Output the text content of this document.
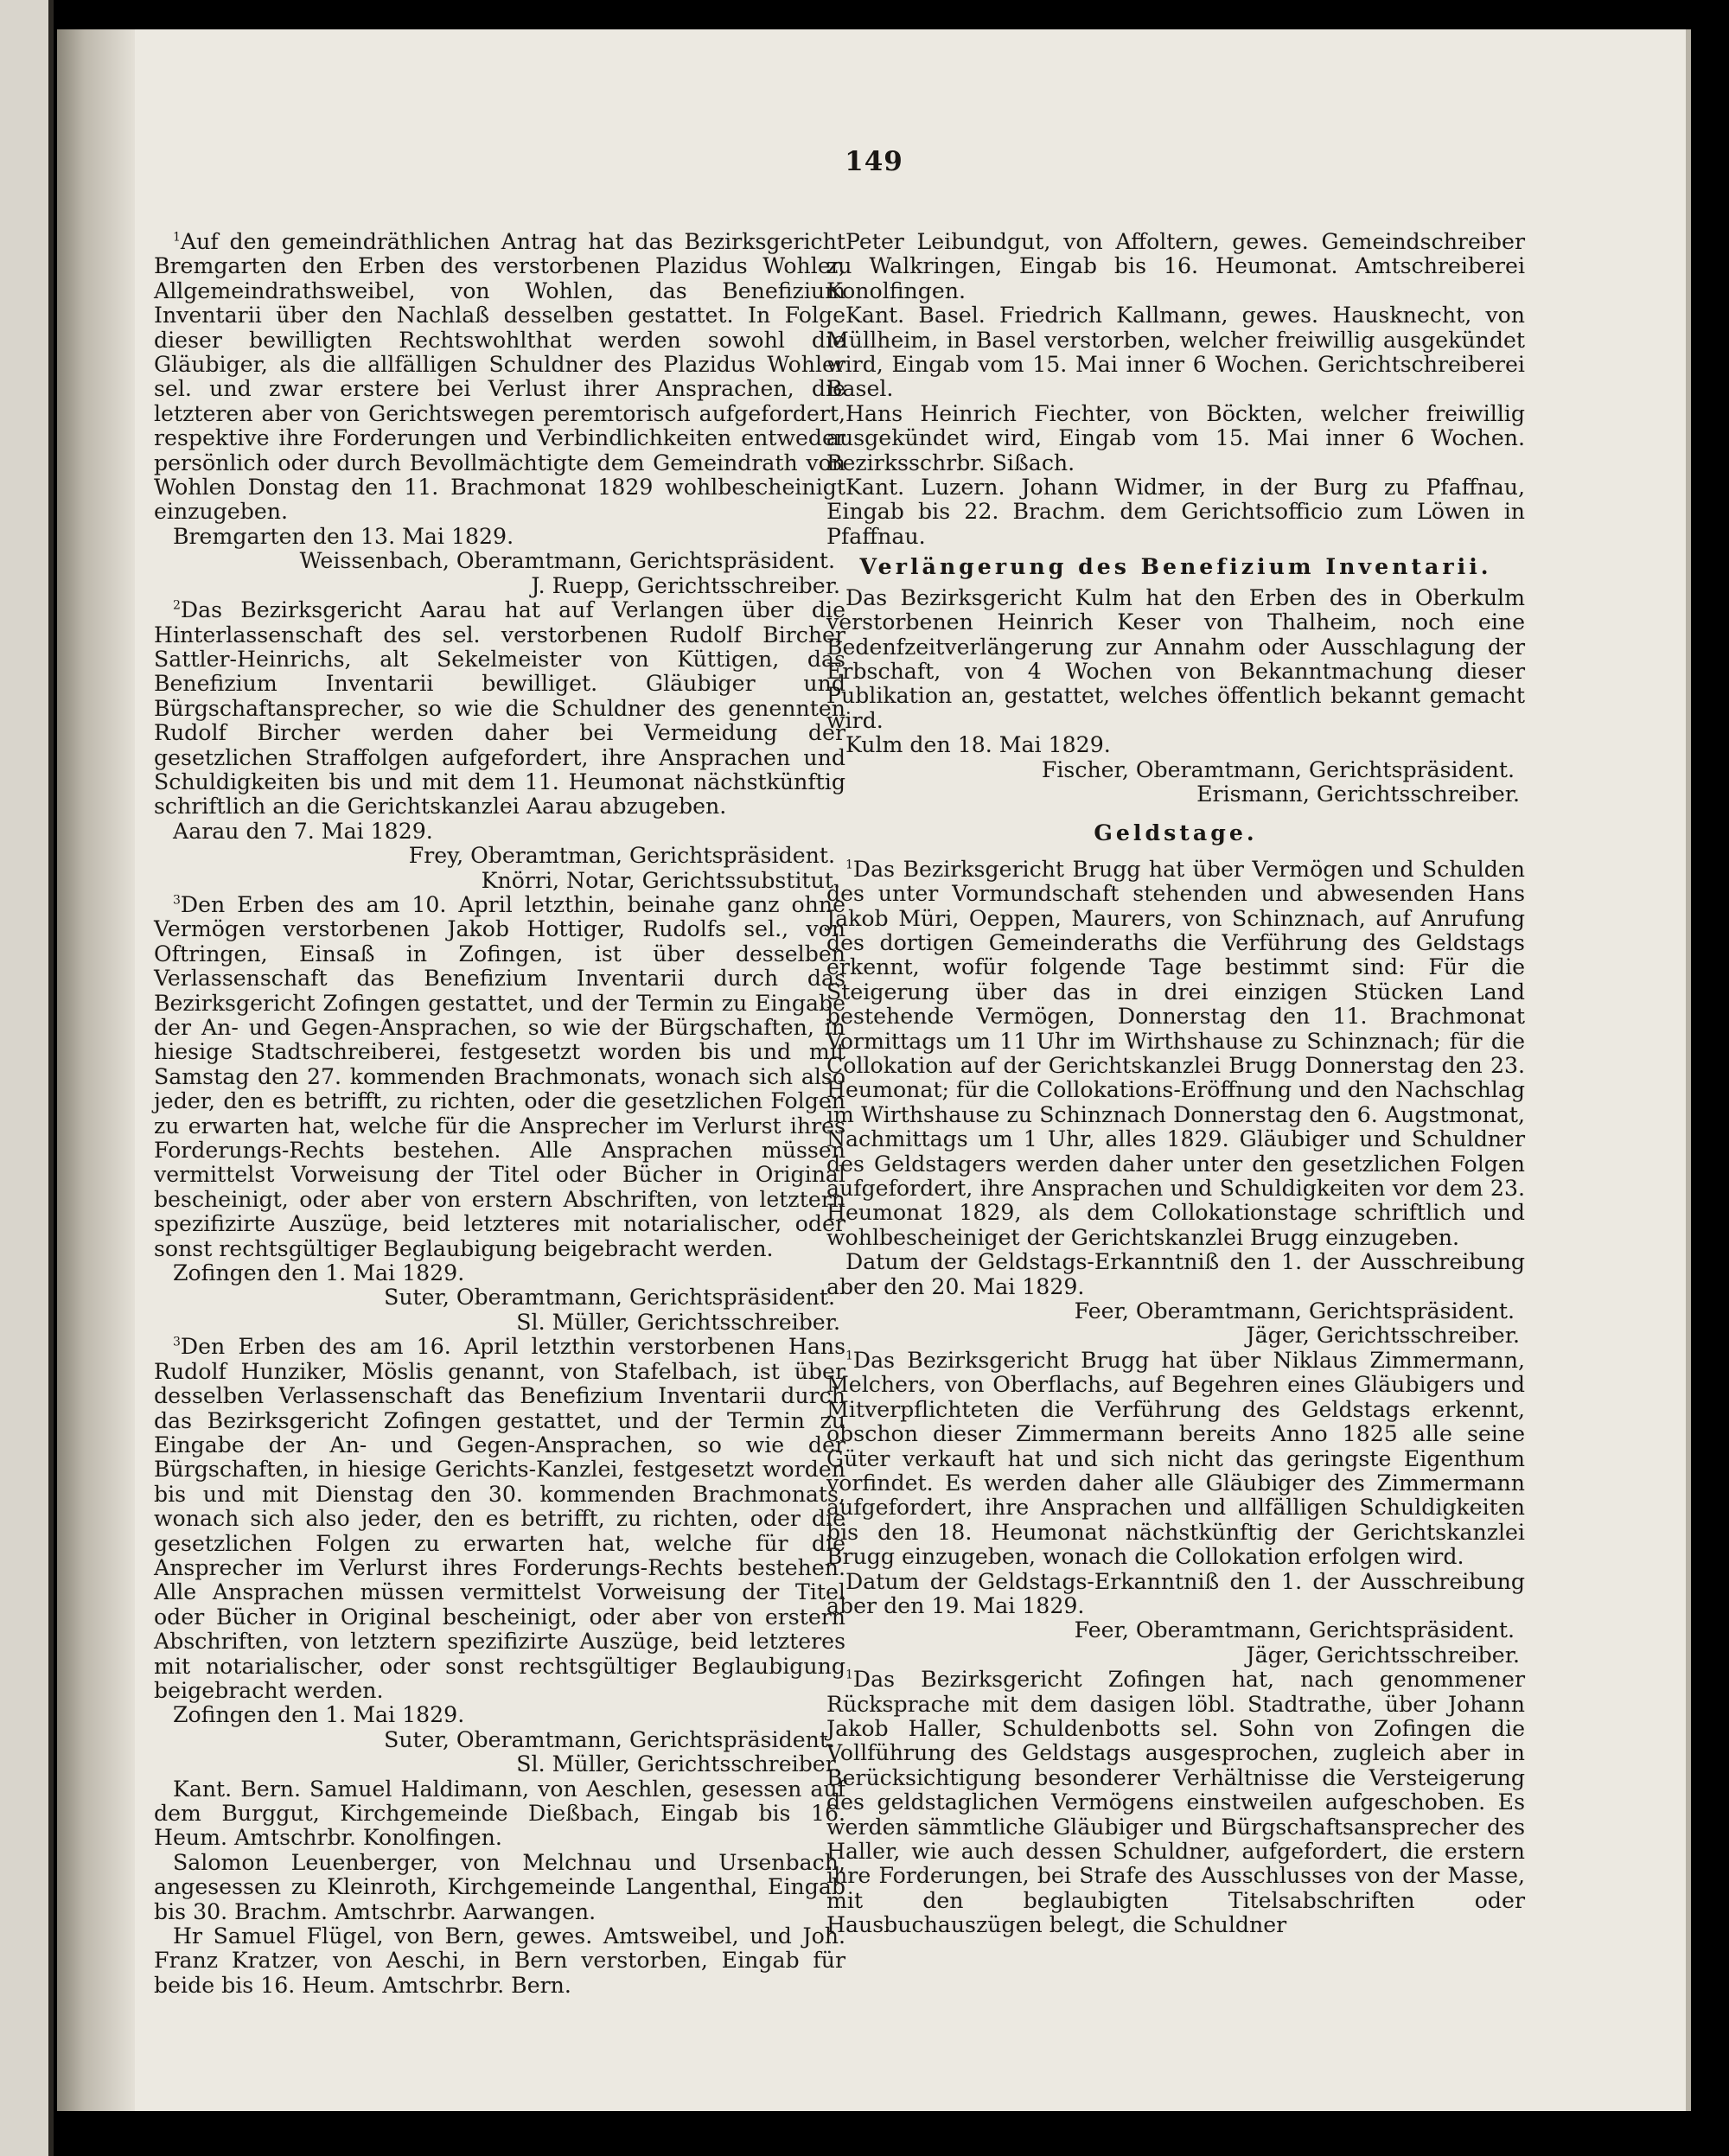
149

$^1$Auf den gemeindräthlichen Antrag hat das Bezirksgericht Bremgarten den Erben des verstorbenen Plazidus Wohler, Allgemeindrathsweibel, von Wohlen, das Benefizium Inventarii über den Nachlaß desselben gestattet. In Folge dieser bewilligten Rechtswohlthat werden sowohl die Gläubiger, als die allfälligen Schuldner des Plazidus Wohler sel. und zwar erstere bei Verlust ihrer Ansprachen, die letzteren aber von Gerichtswegen peremtorisch aufgefordert, respektive ihre Forderungen und Verbindlichkeiten entweder persönlich oder durch Bevollmächtigte dem Gemeindrath von Wohlen Donstag den 11. Brachmonat 1829 wohlbescheinigt einzugeben.

Bremgarten den 13. Mai 1829.

Weissenbach, Oberamtmann, Gerichtspräsident.

J. Ruepp, Gerichtsschreiber.

$^2$Das Bezirksgericht Aarau hat auf Verlangen über die Hinterlassenschaft des sel. verstorbenen Rudolf Bircher Sattler-Heinrichs, alt Sekelmeister von Küttigen, das Benefizium Inventarii bewilliget. Gläubiger und Bürgschaftansprecher, so wie die Schuldner des genennten Rudolf Bircher werden daher bei Vermeidung der gesetzlichen Straffolgen aufgefordert, ihre Ansprachen und Schuldigkeiten bis und mit dem 11. Heumonat nächstkünftig schriftlich an die Gerichtskanzlei Aarau abzugeben.

Aarau den 7. Mai 1829.

Frey, Oberamtman, Gerichtspräsident.

Knörri, Notar, Gerichtssubstitut.

$^3$Den Erben des am 10. April letzthin, beinahe ganz ohne Vermögen verstorbenen Jakob Hottiger, Rudolfs sel., von Oftringen, Einsaß in Zofingen, ist über desselben Verlassenschaft das Benefizium Inventarii durch das Bezirksgericht Zofingen gestattet, und der Termin zu Eingabe der An- und Gegen-Ansprachen, so wie der Bürgschaften, in hiesige Stadtschreiberei, festgesetzt worden bis und mit Samstag den 27. kommenden Brachmonats, wonach sich also jeder, den es betrifft, zu richten, oder die gesetzlichen Folgen zu erwarten hat, welche für die Ansprecher im Verlurst ihres Forderungs-Rechts bestehen. Alle Ansprachen müssen vermittelst Vorweisung der Titel oder Bücher in Original bescheinigt, oder aber von erstern Abschriften, von letztern spezifizirte Auszüge, beid letzteres mit notarialischer, oder sonst rechtsgültiger Beglaubigung beigebracht werden.

Zofingen den 1. Mai 1829.

Suter, Oberamtmann, Gerichtspräsident.

Sl. Müller, Gerichtsschreiber.

$^3$Den Erben des am 16. April letzthin verstorbenen Hans Rudolf Hunziker, Möslis genannt, von Stafelbach, ist über desselben Verlassenschaft das Benefizium Inventarii durch das Bezirksgericht Zofingen gestattet, und der Termin zu Eingabe der An- und Gegen-Ansprachen, so wie der Bürgschaften, in hiesige Gerichts-Kanzlei, festgesetzt worden bis und mit Dienstag den 30. kommenden Brachmonats, wonach sich also jeder, den es betrifft, zu richten, oder die gesetzlichen Folgen zu erwarten hat, welche für die Ansprecher im Verlurst ihres Forderungs-Rechts bestehen. Alle Ansprachen müssen vermittelst Vorweisung der Titel oder Bücher in Original bescheinigt, oder aber von erstern Abschriften, von letztern spezifizirte Auszüge, beid letzteres mit notarialischer, oder sonst rechtsgültiger Beglaubigung beigebracht werden.

Zofingen den 1. Mai 1829.

Suter, Oberamtmann, Gerichtspräsident.

Sl. Müller, Gerichtsschreiber.

Kant. Bern. Samuel Haldimann, von Aeschlen, gesessen auf dem Burggut, Kirchgemeinde Dießbach, Eingab bis 16. Heum. Amtschrbr. Konolfingen.

Salomon Leuenberger, von Melchnau und Ursenbach, angesessen zu Kleinroth, Kirchgemeinde Langenthal, Eingab bis 30. Brachm. Amtschrbr. Aarwangen.

Hr Samuel Flügel, von Bern, gewes. Amtsweibel, und Joh. Franz Kratzer, von Aeschi, in Bern verstorben, Eingab für beide bis 16. Heum. Amtschrbr. Bern.

Peter Leibundgut, von Affoltern, gewes. Gemeindschreiber zu Walkringen, Eingab bis 16. Heumonat. Amtschreiberei Konolfingen.

Kant. Basel. Friedrich Kallmann, gewes. Hausknecht, von Müllheim, in Basel verstorben, welcher freiwillig ausgekündet wird, Eingab vom 15. Mai inner 6 Wochen. Gerichtschreiberei Basel.

Hans Heinrich Fiechter, von Böckten, welcher freiwillig ausgekündet wird, Eingab vom 15. Mai inner 6 Wochen. Bezirksschrbr. Sißach.

Kant. Luzern. Johann Widmer, in der Burg zu Pfaffnau, Eingab bis 22. Brachm. dem Gerichtsofficio zum Löwen in Pfaffnau.

Verlängerung des Benefizium Inventarii.

Das Bezirksgericht Kulm hat den Erben des in Oberkulm verstorbenen Heinrich Keser von Thalheim, noch eine Bedenfzeitverlängerung zur Annahm oder Ausschlagung der Erbschaft, von 4 Wochen von Bekanntmachung dieser Publikation an, gestattet, welches öffentlich bekannt gemacht wird.

Kulm den 18. Mai 1829.

Fischer, Oberamtmann, Gerichtspräsident.

Erismann, Gerichtsschreiber.

Geldstage.

$^1$Das Bezirksgericht Brugg hat über Vermögen und Schulden des unter Vormundschaft stehenden und abwesenden Hans Jakob Müri, Oeppen, Maurers, von Schinznach, auf Anrufung des dortigen Gemeinderaths die Verführung des Geldstags erkennt, wofür folgende Tage bestimmt sind: Für die Steigerung über das in drei einzigen Stücken Land bestehende Vermögen, Donnerstag den 11. Brachmonat Vormittags um 11 Uhr im Wirthshause zu Schinznach; für die Collokation auf der Gerichtskanzlei Brugg Donnerstag den 23. Heumonat; für die Collokations-Eröffnung und den Nachschlag im Wirthshause zu Schinznach Donnerstag den 6. Augstmonat, Nachmittags um 1 Uhr, alles 1829. Gläubiger und Schuldner des Geldstagers werden daher unter den gesetzlichen Folgen aufgefordert, ihre Ansprachen und Schuldigkeiten vor dem 23. Heumonat 1829, als dem Collokationstage schriftlich und wohlbescheiniget der Gerichtskanzlei Brugg einzugeben.

Datum der Geldstags-Erkanntniß den 1. der Ausschreibung aber den 20. Mai 1829.

Feer, Oberamtmann, Gerichtspräsident.

Jäger, Gerichtsschreiber.

$^1$Das Bezirksgericht Brugg hat über Niklaus Zimmermann, Melchers, von Oberflachs, auf Begehren eines Gläubigers und Mitverpflichteten die Verführung des Geldstags erkennt, obschon dieser Zimmermann bereits Anno 1825 alle seine Güter verkauft hat und sich nicht das geringste Eigenthum vorfindet. Es werden daher alle Gläubiger des Zimmermann aufgefordert, ihre Ansprachen und allfälligen Schuldigkeiten bis den 18. Heumonat nächstkünftig der Gerichtskanzlei Brugg einzugeben, wonach die Collokation erfolgen wird.

Datum der Geldstags-Erkanntniß den 1. der Ausschreibung aber den 19. Mai 1829.

Feer, Oberamtmann, Gerichtspräsident.

Jäger, Gerichtsschreiber.

$^1$Das Bezirksgericht Zofingen hat, nach genommener Rücksprache mit dem dasigen löbl. Stadtrathe, über Johann Jakob Haller, Schuldenbotts sel. Sohn von Zofingen die Vollführung des Geldstags ausgesprochen, zugleich aber in Berücksichtigung besonderer Verhältnisse die Versteigerung des geldstaglichen Vermögens einstweilen aufgeschoben. Es werden sämmtliche Gläubiger und Bürgschaftsansprecher des Haller, wie auch dessen Schuldner, aufgefordert, die erstern ihre Forderungen, bei Strafe des Ausschlusses von der Masse, mit den beglaubigten Titelsabschriften oder Hausbuchauszügen belegt, die Schuldner
